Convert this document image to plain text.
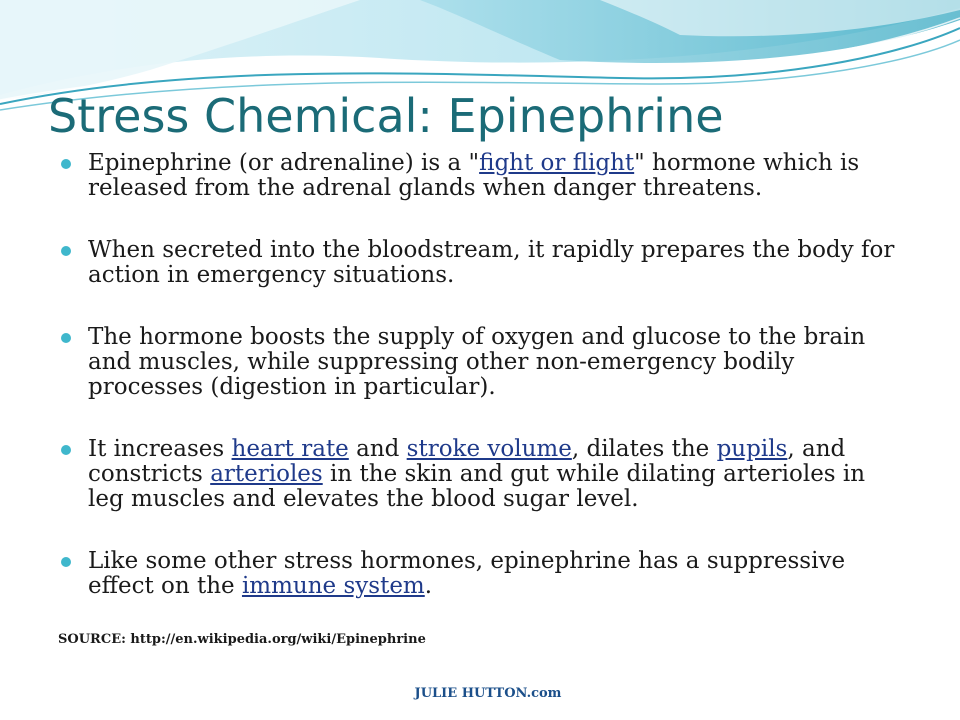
Stress Chemical: Epinephrine
Epinephrine (or adrenaline) is a "fight or flight" hormone which is released from the adrenal glands when danger threatens.
When secreted into the bloodstream, it rapidly prepares the body for action in emergency situations.
The hormone boosts the supply of oxygen and glucose to the brain and muscles, while suppressing other non-emergency bodily processes (digestion in particular).
It increases heart rate and stroke volume, dilates the pupils, and constricts arterioles in the skin and gut while dilating arterioles in leg muscles and elevates the blood sugar level.
Like some other stress hormones, epinephrine has a suppressive effect on the immune system.
SOURCE: http://en.wikipedia.org/wiki/Epinephrine
JULIE HUTTON.com
